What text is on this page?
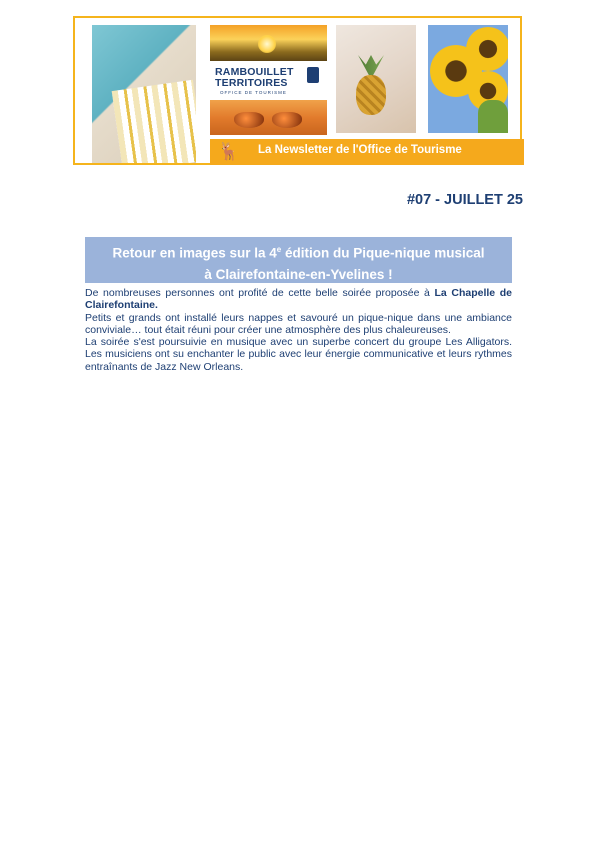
RAMBOUILLET
TERRITOIRES
OFFICE DE TOURISME
🦌 La Newsletter de l'Office de Tourisme
#07 - JUILLET 25
Retour en images sur la 4e édition du Pique-nique musical
à Clairefontaine-en-Yvelines !

De nombreuses personnes ont profité de cette belle soirée proposée à La Chapelle de Clairefontaine.

Petits et grands ont installé leurs nappes et savouré un pique-nique dans une ambiance conviviale… tout était réuni pour créer une atmosphère des plus chaleureuses.

La soirée s'est poursuivie en musique avec un superbe concert du groupe Les Alligators. Les musiciens ont su enchanter le public avec leur énergie communicative et leurs rythmes entraînants de Jazz New Orleans.
